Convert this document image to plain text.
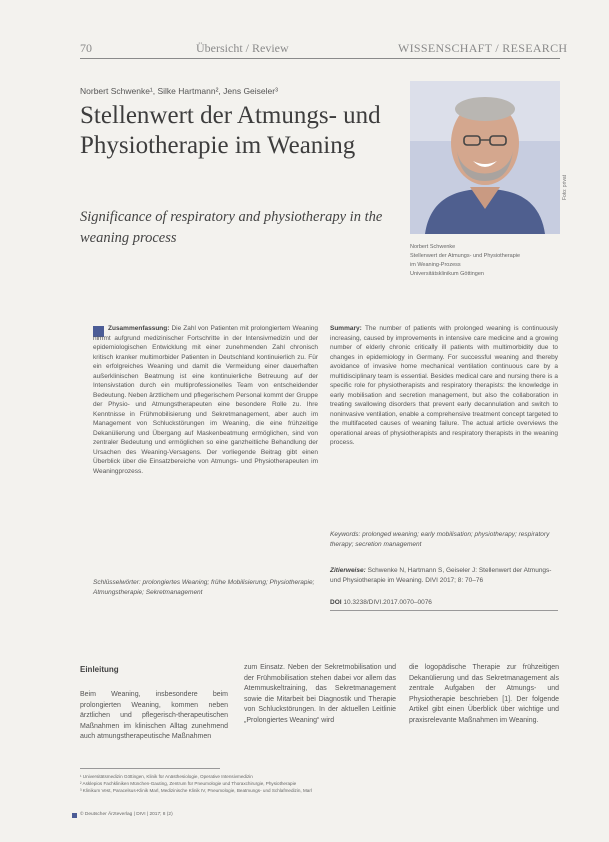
70	Übersicht / Review	WISSENSCHAFT / RESEARCH
Norbert Schwenke¹, Silke Hartmann², Jens Geiseler³
Stellenwert der Atmungs- und Physiotherapie im Weaning
Significance of respiratory and physiotherapy in the weaning process
Foto: privat
Norbert Schwenke
Stellenwert der Atmungs- und Physiotherapie
im Weaning-Prozess
Universitätsklinikum Göttingen
Zusammenfassung: Die Zahl von Patienten mit prolongiertem Weaning nimmt aufgrund medizinischer Fortschritte in der Intensivmedizin und der epidemiologischen Entwicklung mit einer zunehmenden Zahl chronisch kritisch kranker multimorbider Patienten in Deutschland kontinuierlich zu. Für ein erfolgreiches Weaning und damit die Vermeidung einer dauerhaften außerklinischen Beatmung ist eine kontinuierliche Betreuung auf der Intensivstation durch ein multiprofessionelles Team von entscheidender Bedeutung. Neben ärztlichem und pflegerischem Personal kommt der Gruppe der Physio- und Atmungstherapeuten eine besondere Rolle zu. Ihre Kenntnisse in Frühmobilisierung und Sekretmanagement, aber auch im Management von Schluckstörungen im Weaning, die eine frühzeitige Dekanülierung und Übergang auf Maskenbeatmung ermöglichen, sind von zentraler Bedeutung und ermöglichen so eine ganzheitliche Behandlung der Ursachen des Weaning-Versagens. Der vorliegende Beitrag gibt einen Überblick über die Einsatzbereiche von Atmungs- und Physiotherapeuten im Weaningprozess.
Schlüsselwörter: prolongiertes Weaning; frühe Mobilisierung; Physiotherapie; Atmungstherapie; Sekretmanagement
Summary: The number of patients with prolonged weaning is continuously increasing, caused by improvements in intensive care medicine and a growing number of elderly chronic critically ill patients with multimorbidity due to changes in epidemiology in Germany. For successful weaning and thereby avoidance of invasive home mechanical ventilation continuous care by a multidisciplinary team is essential. Besides medical care and nursing there is a specific role for physiotherapists and respiratory therapists: the knowledge in early mobilisation and secretion management, but also the collaboration in treating swallowing disorders that prevent early decannulation and switch to noninvasive ventilation, enable a comprehensive treatment concept targeted to the multifaceted causes of weaning failure. The actual article overviews the operational areas of physiotherapists and respiratory therapists in the weaning process.
Keywords: prolonged weaning; early mobilisation; physiotherapy; respiratory therapy; secretion management
Zitierweise: Schwenke N, Hartmann S, Geiseler J: Stellenwert der Atmungs- und Physiotherapie im Weaning. DIVI 2017; 8: 70–76
DOI 10.3238/DIVI.2017.0070–0076
Einleitung
Beim Weaning, insbesondere beim prolongierten Weaning, kommen neben ärztlichen und pflegerisch-therapeutischen Maßnahmen im klinischen Alltag zunehmend auch atmungstherapeutische Maßnahmen
zum Einsatz. Neben der Sekretmobilisation und der Frühmobilisation stehen dabei vor allem das Atemmuskeltraining, das Sekretmanagement sowie die Mitarbeit bei Diagnostik und Therapie von Schluckstörungen. In der aktuellen Leitlinie „Prolongiertes Weaning“ wird
die logopädische Therapie zur frühzeitigen Dekanülierung und das Sekretmanagement als zentrale Aufgaben der Atmungs- und Physiotherapie beschrieben [1]. Der folgende Artikel gibt einen Überblick über wichtige und praxisrelevante Maßnahmen im Weaning.
¹ Universitätsmedizin Göttingen, Klinik für Anästhesiologie, Operative Intensivmedizin
² Asklepios Fachkliniken München-Gauting, Zentrum für Pneumologie und Thoraxchirurgie, Physiotherapie
³ Klinikum Vest, Paracelsus-Klinik Marl, Medizinische Klinik IV, Pneumologie, Beatmungs- und Schlafmedizin, Marl
© Deutscher Ärzteverlag | DIVI | 2017; 8 (2)
